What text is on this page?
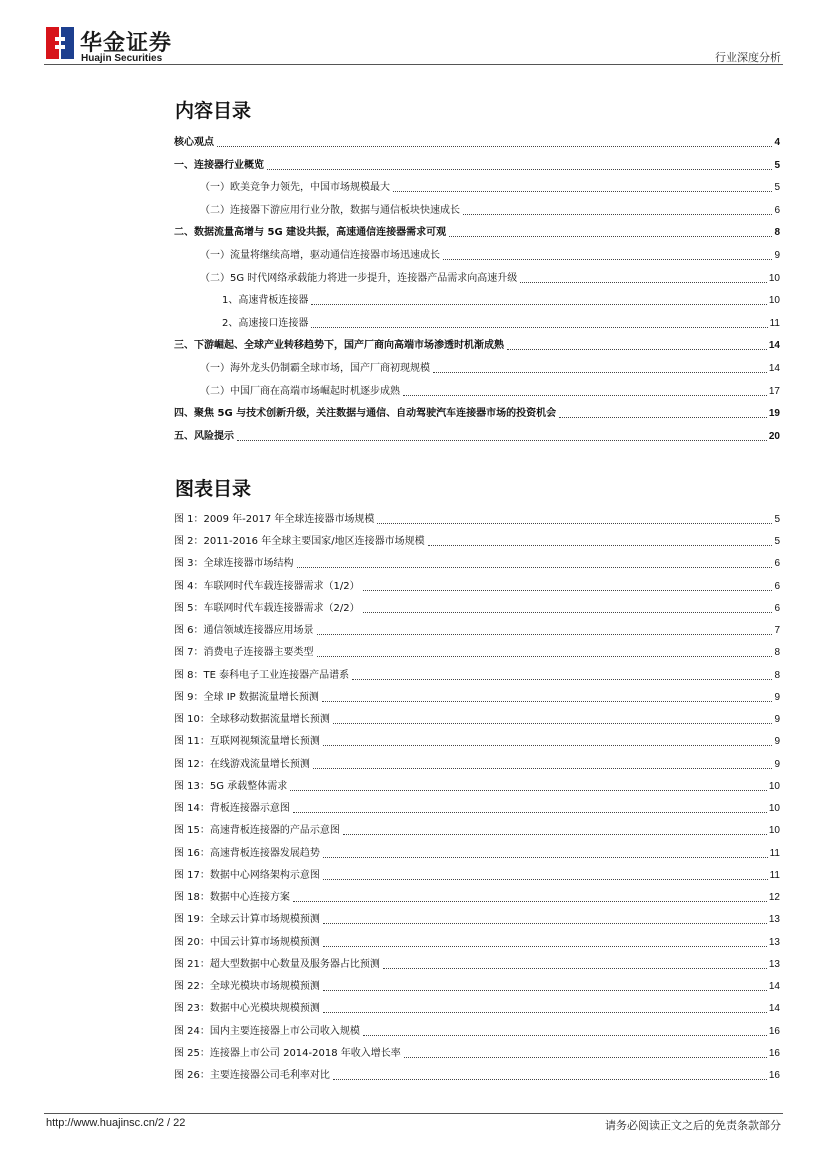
华金证券
Huajin Securities	行业深度分析
内容目录
核心观点	4
一、连接器行业概览	5
（一）欧美竞争力领先，中国市场规模最大	5
（二）连接器下游应用行业分散，数据与通信板块快速成长	6
二、数据流量高增与 5G 建设共振，高速通信连接器需求可观	8
（一）流量将继续高增，驱动通信连接器市场迅速成长	9
（二）5G 时代网络承载能力将进一步提升，连接器产品需求向高速升级	10
1、高速背板连接器	10
2、高速接口连接器	11
三、下游崛起、全球产业转移趋势下，国产厂商向高端市场渗透时机渐成熟	14
（一）海外龙头仍制霸全球市场，国产厂商初现规模	14
（二）中国厂商在高端市场崛起时机逐步成熟	17
四、聚焦 5G 与技术创新升级，关注数据与通信、自动驾驶汽车连接器市场的投资机会	19
五、风险提示	20
图表目录
图 1：2009 年-2017 年全球连接器市场规模	5
图 2：2011-2016 年全球主要国家/地区连接器市场规模	5
图 3：全球连接器市场结构	6
图 4：车联网时代车载连接器需求（1/2）	6
图 5：车联网时代车载连接器需求（2/2）	6
图 6：通信领域连接器应用场景	7
图 7：消费电子连接器主要类型	8
图 8：TE 泰科电子工业连接器产品谱系	8
图 9：全球 IP 数据流量增长预测	9
图 10：全球移动数据流量增长预测	9
图 11：互联网视频流量增长预测	9
图 12：在线游戏流量增长预测	9
图 13：5G 承载整体需求	10
图 14：背板连接器示意图	10
图 15：高速背板连接器的产品示意图	10
图 16：高速背板连接器发展趋势	11
图 17：数据中心网络架构示意图	11
图 18：数据中心连接方案	12
图 19：全球云计算市场规模预测	13
图 20：中国云计算市场规模预测	13
图 21：超大型数据中心数量及服务器占比预测	13
图 22：全球光模块市场规模预测	14
图 23：数据中心光模块规模预测	14
图 24：国内主要连接器上市公司收入规模	16
图 25：连接器上市公司 2014-2018 年收入增长率	16
图 26：主要连接器公司毛利率对比	16
http://www.huajinsc.cn/2 / 22	请务必阅读正文之后的免责条款部分
